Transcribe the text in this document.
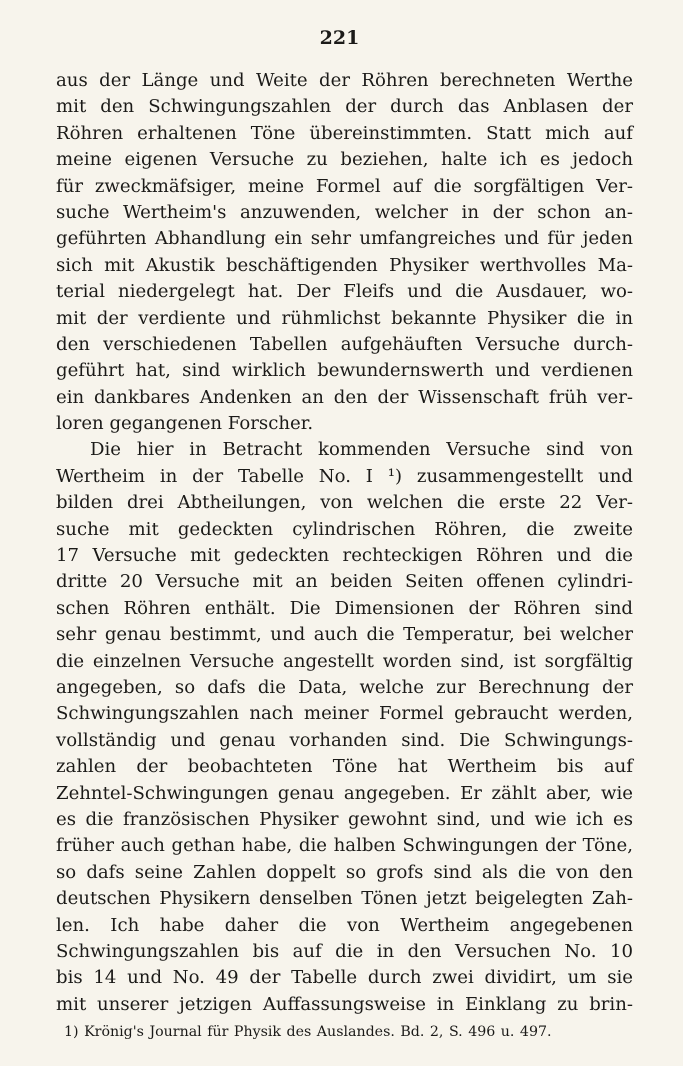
221
aus der Länge und Weite der Röhren berechneten Werthe
mit den Schwingungszahlen der durch das Anblasen der
Röhren erhaltenen Töne übereinstimmten. Statt mich auf
meine eigenen Versuche zu beziehen, halte ich es jedoch
für zweckmäfsiger, meine Formel auf die sorgfältigen Ver-
suche Wertheim's anzuwenden, welcher in der schon an-
geführten Abhandlung ein sehr umfangreiches und für jeden
sich mit Akustik beschäftigenden Physiker werthvolles Ma-
terial niedergelegt hat. Der Fleifs und die Ausdauer, wo-
mit der verdiente und rühmlichst bekannte Physiker die in
den verschiedenen Tabellen aufgehäuften Versuche durch-
geführt hat, sind wirklich bewundernswerth und verdienen
ein dankbares Andenken an den der Wissenschaft früh ver-
loren gegangenen Forscher.
Die hier in Betracht kommenden Versuche sind von
Wertheim in der Tabelle No. I ¹) zusammengestellt und
bilden drei Abtheilungen, von welchen die erste 22 Ver-
suche mit gedeckten cylindrischen Röhren, die zweite
17 Versuche mit gedeckten rechteckigen Röhren und die
dritte 20 Versuche mit an beiden Seiten offenen cylindri-
schen Röhren enthält. Die Dimensionen der Röhren sind
sehr genau bestimmt, und auch die Temperatur, bei welcher
die einzelnen Versuche angestellt worden sind, ist sorgfältig
angegeben, so dafs die Data, welche zur Berechnung der
Schwingungszahlen nach meiner Formel gebraucht werden,
vollständig und genau vorhanden sind. Die Schwingungs-
zahlen der beobachteten Töne hat Wertheim bis auf
Zehntel-Schwingungen genau angegeben. Er zählt aber, wie
es die französischen Physiker gewohnt sind, und wie ich es
früher auch gethan habe, die halben Schwingungen der Töne,
so dafs seine Zahlen doppelt so grofs sind als die von den
deutschen Physikern denselben Tönen jetzt beigelegten Zah-
len. Ich habe daher die von Wertheim angegebenen
Schwingungszahlen bis auf die in den Versuchen No. 10
bis 14 und No. 49 der Tabelle durch zwei dividirt, um sie
mit unserer jetzigen Auffassungsweise in Einklang zu brin-
1) Krönig's Journal für Physik des Auslandes. Bd. 2, S. 496 u. 497.
